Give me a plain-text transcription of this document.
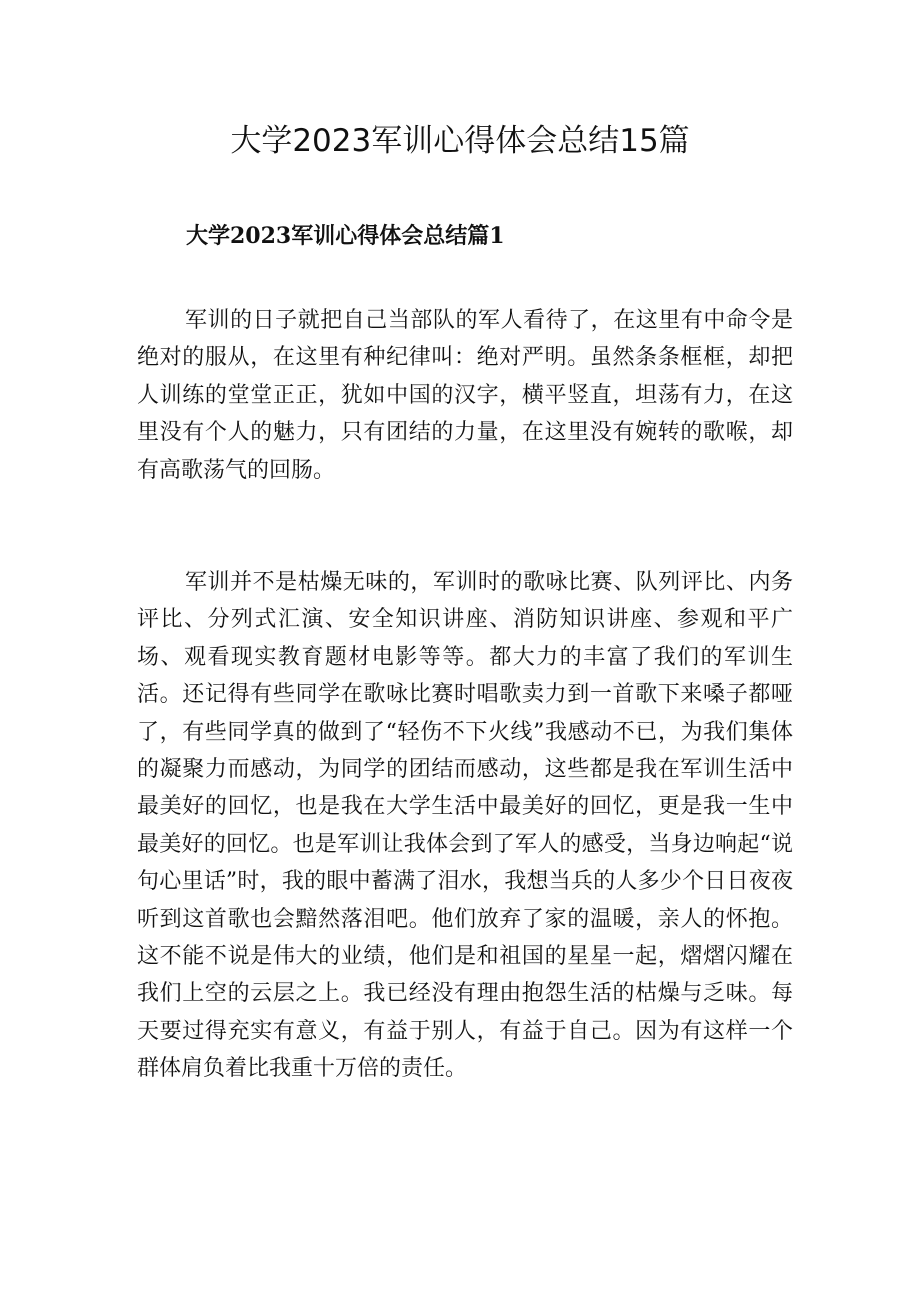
大学2023军训心得体会总结15篇
大学2023军训心得体会总结篇1

军训的日子就把自己当部队的军人看待了，在这里有中命令是绝对的服从，在这里有种纪律叫：绝对严明。虽然条条框框，却把人训练的堂堂正正，犹如中国的汉字，横平竖直，坦荡有力，在这里没有个人的魅力，只有团结的力量，在这里没有婉转的歌喉，却有高歌荡气的回肠。

军训并不是枯燥无味的，军训时的歌咏比赛、队列评比、内务评比、分列式汇演、安全知识讲座、消防知识讲座、参观和平广场、观看现实教育题材电影等等。都大力的丰富了我们的军训生活。还记得有些同学在歌咏比赛时唱歌卖力到一首歌下来嗓子都哑了，有些同学真的做到了“轻伤不下火线”我感动不已，为我们集体的凝聚力而感动，为同学的团结而感动，这些都是我在军训生活中最美好的回忆，也是我在大学生活中最美好的回忆，更是我一生中最美好的回忆。也是军训让我体会到了军人的感受，当身边响起“说句心里话”时，我的眼中蓄满了泪水，我想当兵的人多少个日日夜夜听到这首歌也会黯然落泪吧。他们放弃了家的温暖，亲人的怀抱。这不能不说是伟大的业绩，他们是和祖国的星星一起，熠熠闪耀在我们上空的云层之上。我已经没有理由抱怨生活的枯燥与乏味。每天要过得充实有意义，有益于别人，有益于自己。因为有这样一个群体肩负着比我重十万倍的责任。
